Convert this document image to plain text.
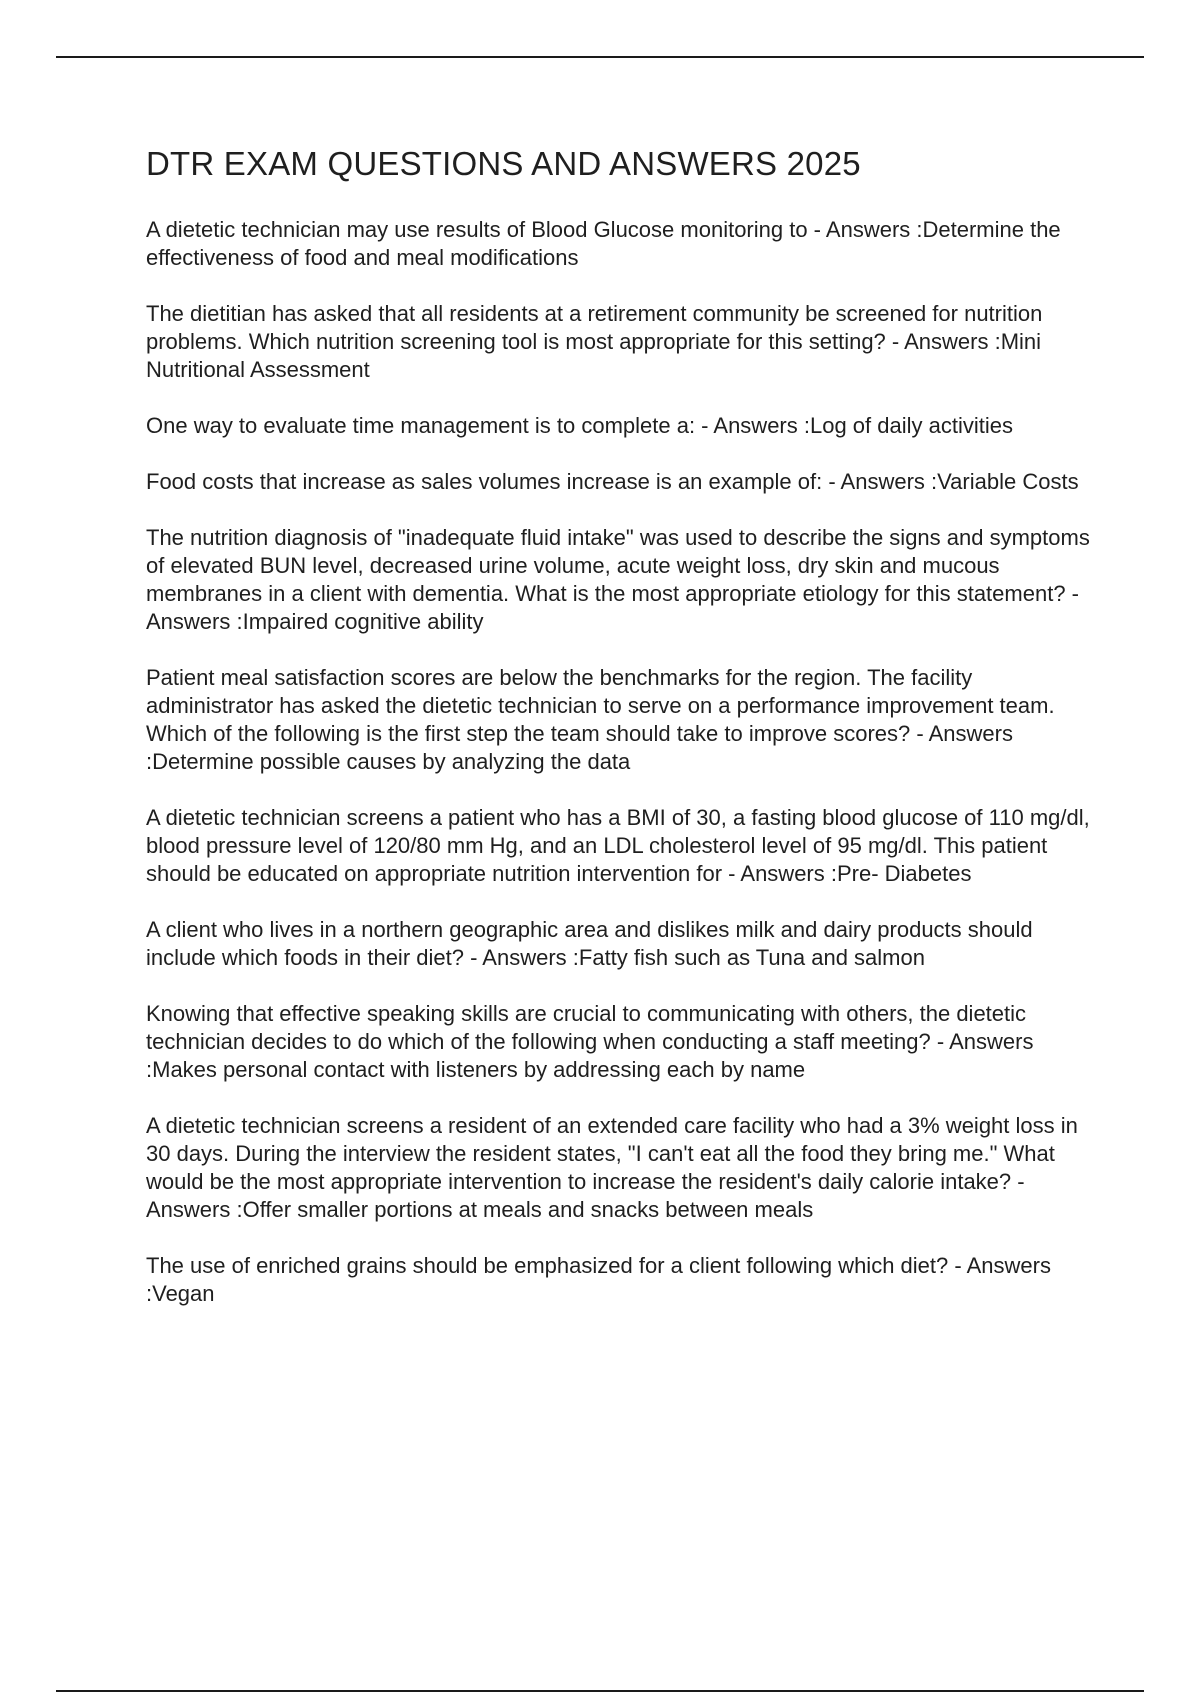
DTR EXAM QUESTIONS AND ANSWERS 2025

A dietetic technician may use results of Blood Glucose monitoring to - Answers :Determine the effectiveness of food and meal modifications

The dietitian has asked that all residents at a retirement community be screened for nutrition problems. Which nutrition screening tool is most appropriate for this setting? - Answers :Mini Nutritional Assessment

One way to evaluate time management is to complete a: - Answers :Log of daily activities

Food costs that increase as sales volumes increase is an example of: - Answers :Variable Costs

The nutrition diagnosis of "inadequate fluid intake" was used to describe the signs and symptoms of elevated BUN level, decreased urine volume, acute weight loss, dry skin and mucous membranes in a client with dementia. What is the most appropriate etiology for this statement? - Answers :Impaired cognitive ability

Patient meal satisfaction scores are below the benchmarks for the region. The facility administrator has asked the dietetic technician to serve on a performance improvement team. Which of the following is the first step the team should take to improve scores? - Answers :Determine possible causes by analyzing the data

A dietetic technician screens a patient who has a BMI of 30, a fasting blood glucose of 110 mg/dl, blood pressure level of 120/80 mm Hg, and an LDL cholesterol level of 95 mg/dl. This patient should be educated on appropriate nutrition intervention for - Answers :Pre- Diabetes

A client who lives in a northern geographic area and dislikes milk and dairy products should include which foods in their diet? - Answers :Fatty fish such as Tuna and salmon

Knowing that effective speaking skills are crucial to communicating with others, the dietetic technician decides to do which of the following when conducting a staff meeting? - Answers :Makes personal contact with listeners by addressing each by name

A dietetic technician screens a resident of an extended care facility who had a 3% weight loss in 30 days. During the interview the resident states, "I can't eat all the food they bring me." What would be the most appropriate intervention to increase the resident's daily calorie intake? - Answers :Offer smaller portions at meals and snacks between meals

The use of enriched grains should be emphasized for a client following which diet? - Answers :Vegan
